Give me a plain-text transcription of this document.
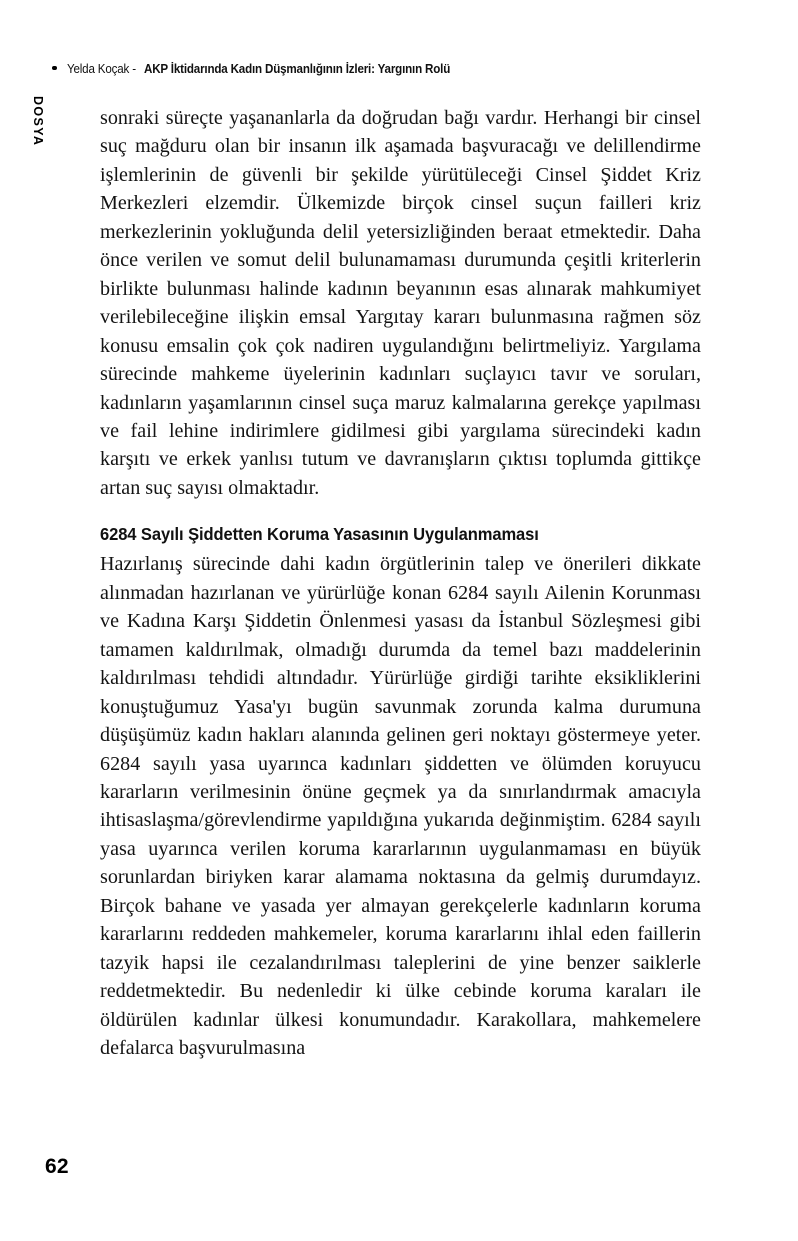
Yelda Koçak - AKP İktidarında Kadın Düşmanlığının İzleri: Yargının Rolü
DOSYA	sonraki süreçte yaşananlarla da doğrudan bağı vardır. Herhangi bir cinsel suç mağduru olan bir insanın ilk aşamada başvuracağı ve delillendirme işlemlerinin de güvenli bir şekilde yürütüleceği Cinsel Şiddet Kriz Merkezleri elzemdir. Ülkemizde birçok cinsel suçun failleri kriz merkezlerinin yokluğunda delil yetersizliğinden beraat etmektedir. Daha önce verilen ve somut delil bulunamaması durumunda çeşitli kriterlerin birlikte bulunması halinde kadının beyanının esas alınarak mahkumiyet verilebileceğine ilişkin emsal Yargıtay kararı bulunmasına rağmen söz konusu emsalin çok çok nadiren uygulandığını belirtmeliyiz. Yargılama sürecinde mahkeme üyelerinin kadınları suçlayıcı tavır ve soruları, kadınların yaşamlarının cinsel suça maruz kalmalarına gerekçe yapılması ve fail lehine indirimlere gidilmesi gibi yargılama sürecindeki kadın karşıtı ve erkek yanlısı tutum ve davranışların çıktısı toplumda gittikçe artan suç sayısı olmaktadır.

6284 Sayılı Şiddetten Koruma Yasasının Uygulanmaması

Hazırlanış sürecinde dahi kadın örgütlerinin talep ve önerileri dikkate alınmadan hazırlanan ve yürürlüğe konan 6284 sayılı Ailenin Korunması ve Kadına Karşı Şiddetin Önlenmesi yasası da İstanbul Sözleşmesi gibi tamamen kaldırılmak, olmadığı durumda da temel bazı maddelerinin kaldırılması tehdidi altındadır. Yürürlüğe girdiği tarihte eksikliklerini konuştuğumuz Yasa'yı bugün savunmak zorunda kalma durumuna düşüşümüz kadın hakları alanında gelinen geri noktayı göstermeye yeter. 6284 sayılı yasa uyarınca kadınları şiddetten ve ölümden koruyucu kararların verilmesinin önüne geçmek ya da sınırlandırmak amacıyla ihtisaslaşma/görevlendirme yapıldığına yukarıda değinmiştim. 6284 sayılı yasa uyarınca verilen koruma kararlarının uygulanmaması en büyük sorunlardan biriyken karar alamama noktasına da gelmiş durumdayız. Birçok bahane ve yasada yer almayan gerekçelerle kadınların koruma kararlarını reddeden mahkemeler, koruma kararlarını ihlal eden faillerin tazyik hapsi ile cezalandırılması taleplerini de yine benzer saiklerle reddetmektedir. Bu nedenledir ki ülke cebinde koruma karaları ile öldürülen kadınlar ülkesi konumundadır. Karakollara, mahkemelere defalarca başvurulmasına

62
